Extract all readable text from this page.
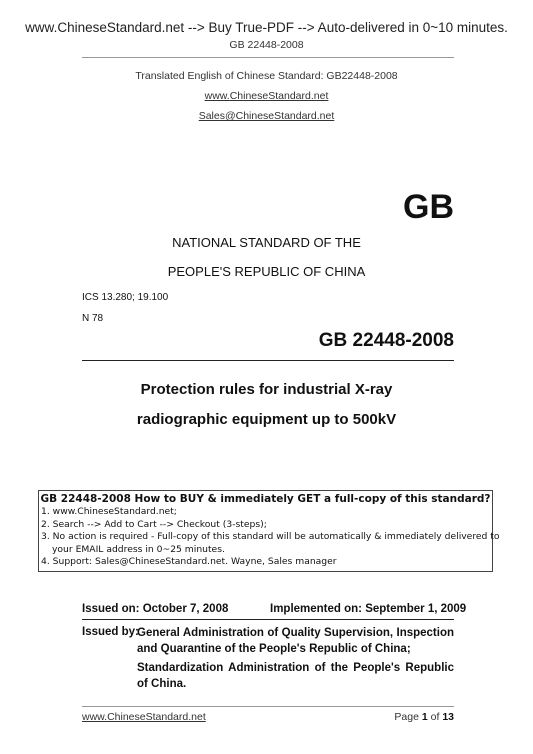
www.ChineseStandard.net --> Buy True-PDF --> Auto-delivered in 0~10 minutes.
GB 22448-2008
Translated English of Chinese Standard: GB22448-2008
www.ChineseStandard.net
Sales@ChineseStandard.net
GB
NATIONAL STANDARD OF THE
PEOPLE'S REPUBLIC OF CHINA
ICS 13.280; 19.100
N 78
GB 22448-2008
Protection rules for industrial X-ray
radiographic equipment up to 500kV
GB 22448-2008 How to BUY & immediately GET a full-copy of this standard?
1. www.ChineseStandard.net;
2. Search --> Add to Cart --> Checkout (3-steps);
3. No action is required - Full-copy of this standard will be automatically & immediately delivered to
your EMAIL address in 0~25 minutes.
4. Support: Sales@ChineseStandard.net. Wayne, Sales manager
Issued on: October 7, 2008	Implemented on: September 1, 2009
Issued by:

General Administration of Quality Supervision, Inspection and Quarantine of the People's Republic of China;

Standardization Administration of the People's Republic of China.

www.ChineseStandard.net	Page 1 of 13
